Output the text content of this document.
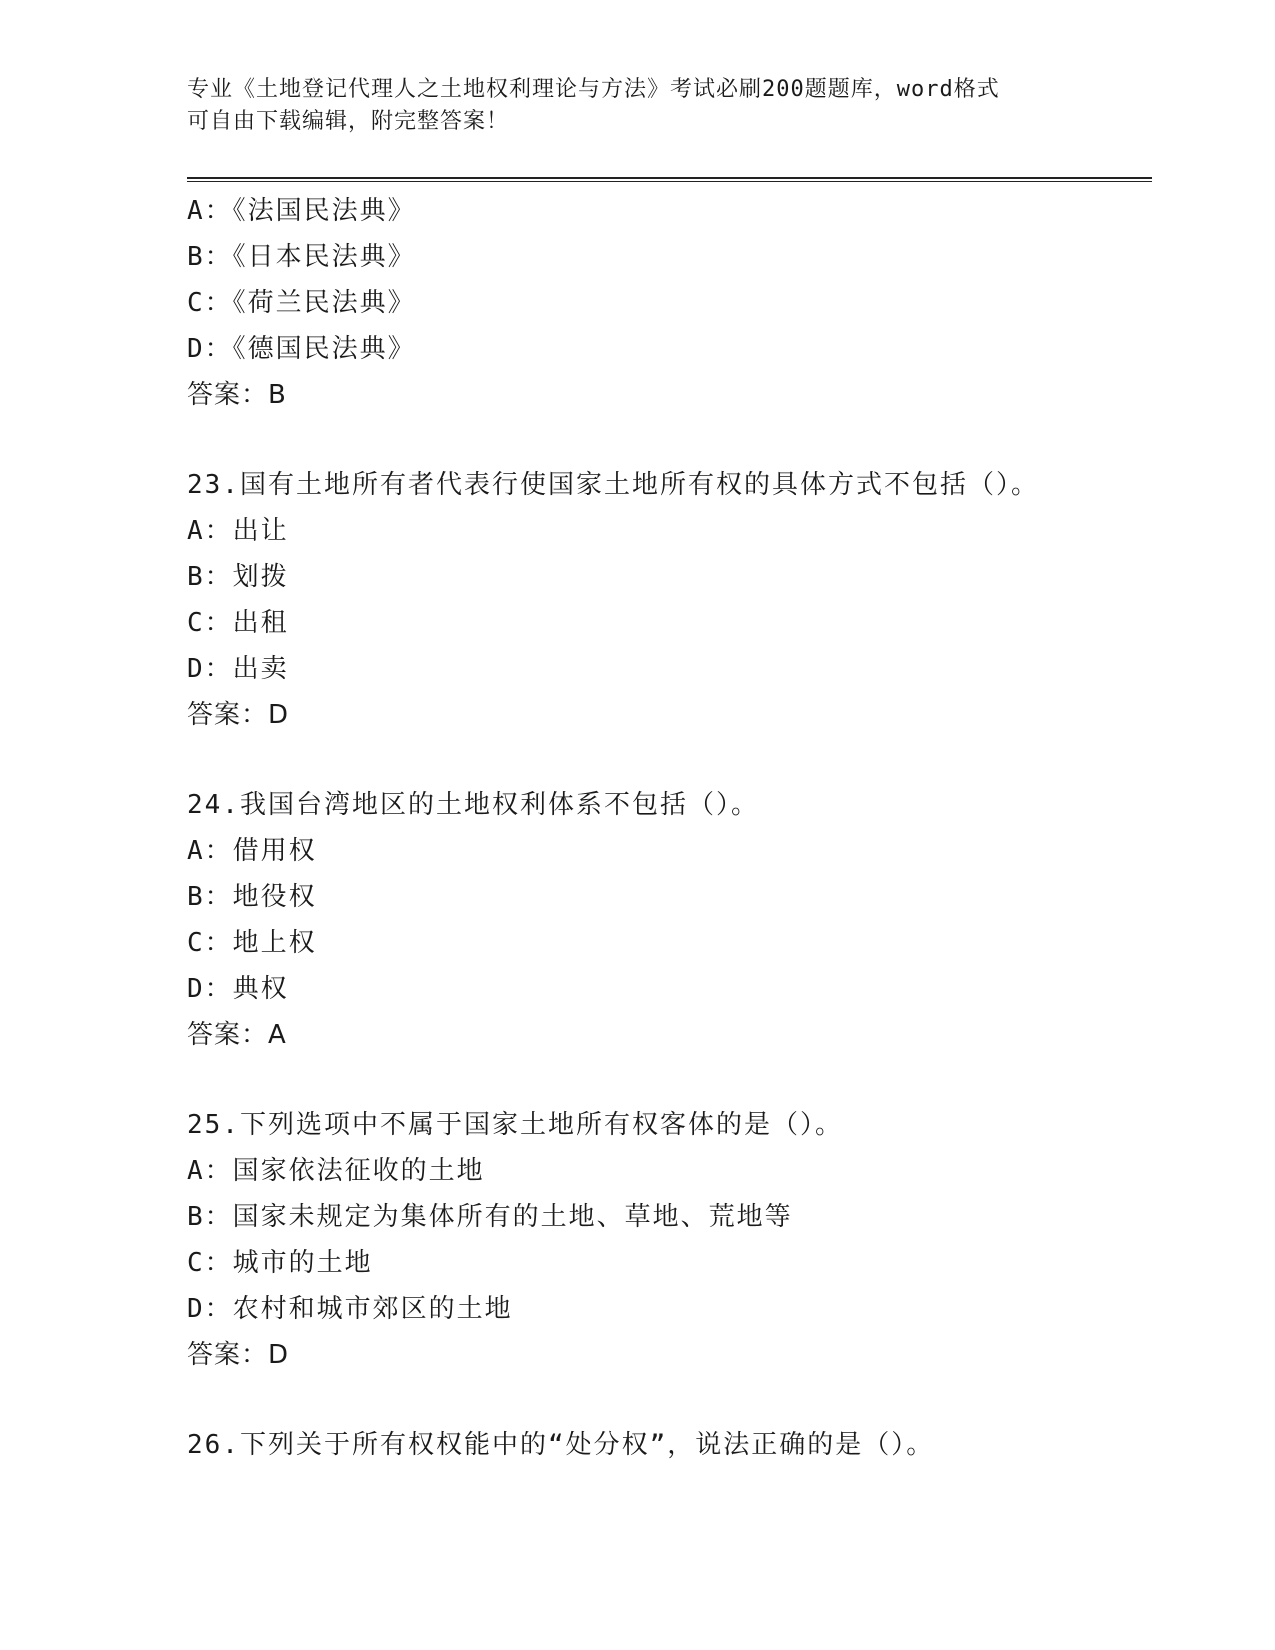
专业《土地登记代理人之土地权利理论与方法》考试必刷200题题库，word格式
可自由下载编辑，附完整答案！
A：《法国民法典》
B：《日本民法典》
C：《荷兰民法典》
D：《德国民法典》
答案：B
23.国有土地所有者代表行使国家土地所有权的具体方式不包括（）。
A：出让
B：划拨
C：出租
D：出卖
答案：D
24.我国台湾地区的土地权利体系不包括（）。
A：借用权
B：地役权
C：地上权
D：典权
答案：A
25.下列选项中不属于国家土地所有权客体的是（）。
A：国家依法征收的土地
B：国家未规定为集体所有的土地、草地、荒地等
C：城市的土地
D：农村和城市郊区的土地
答案：D
26.下列关于所有权权能中的“处分权”，说法正确的是（）。
